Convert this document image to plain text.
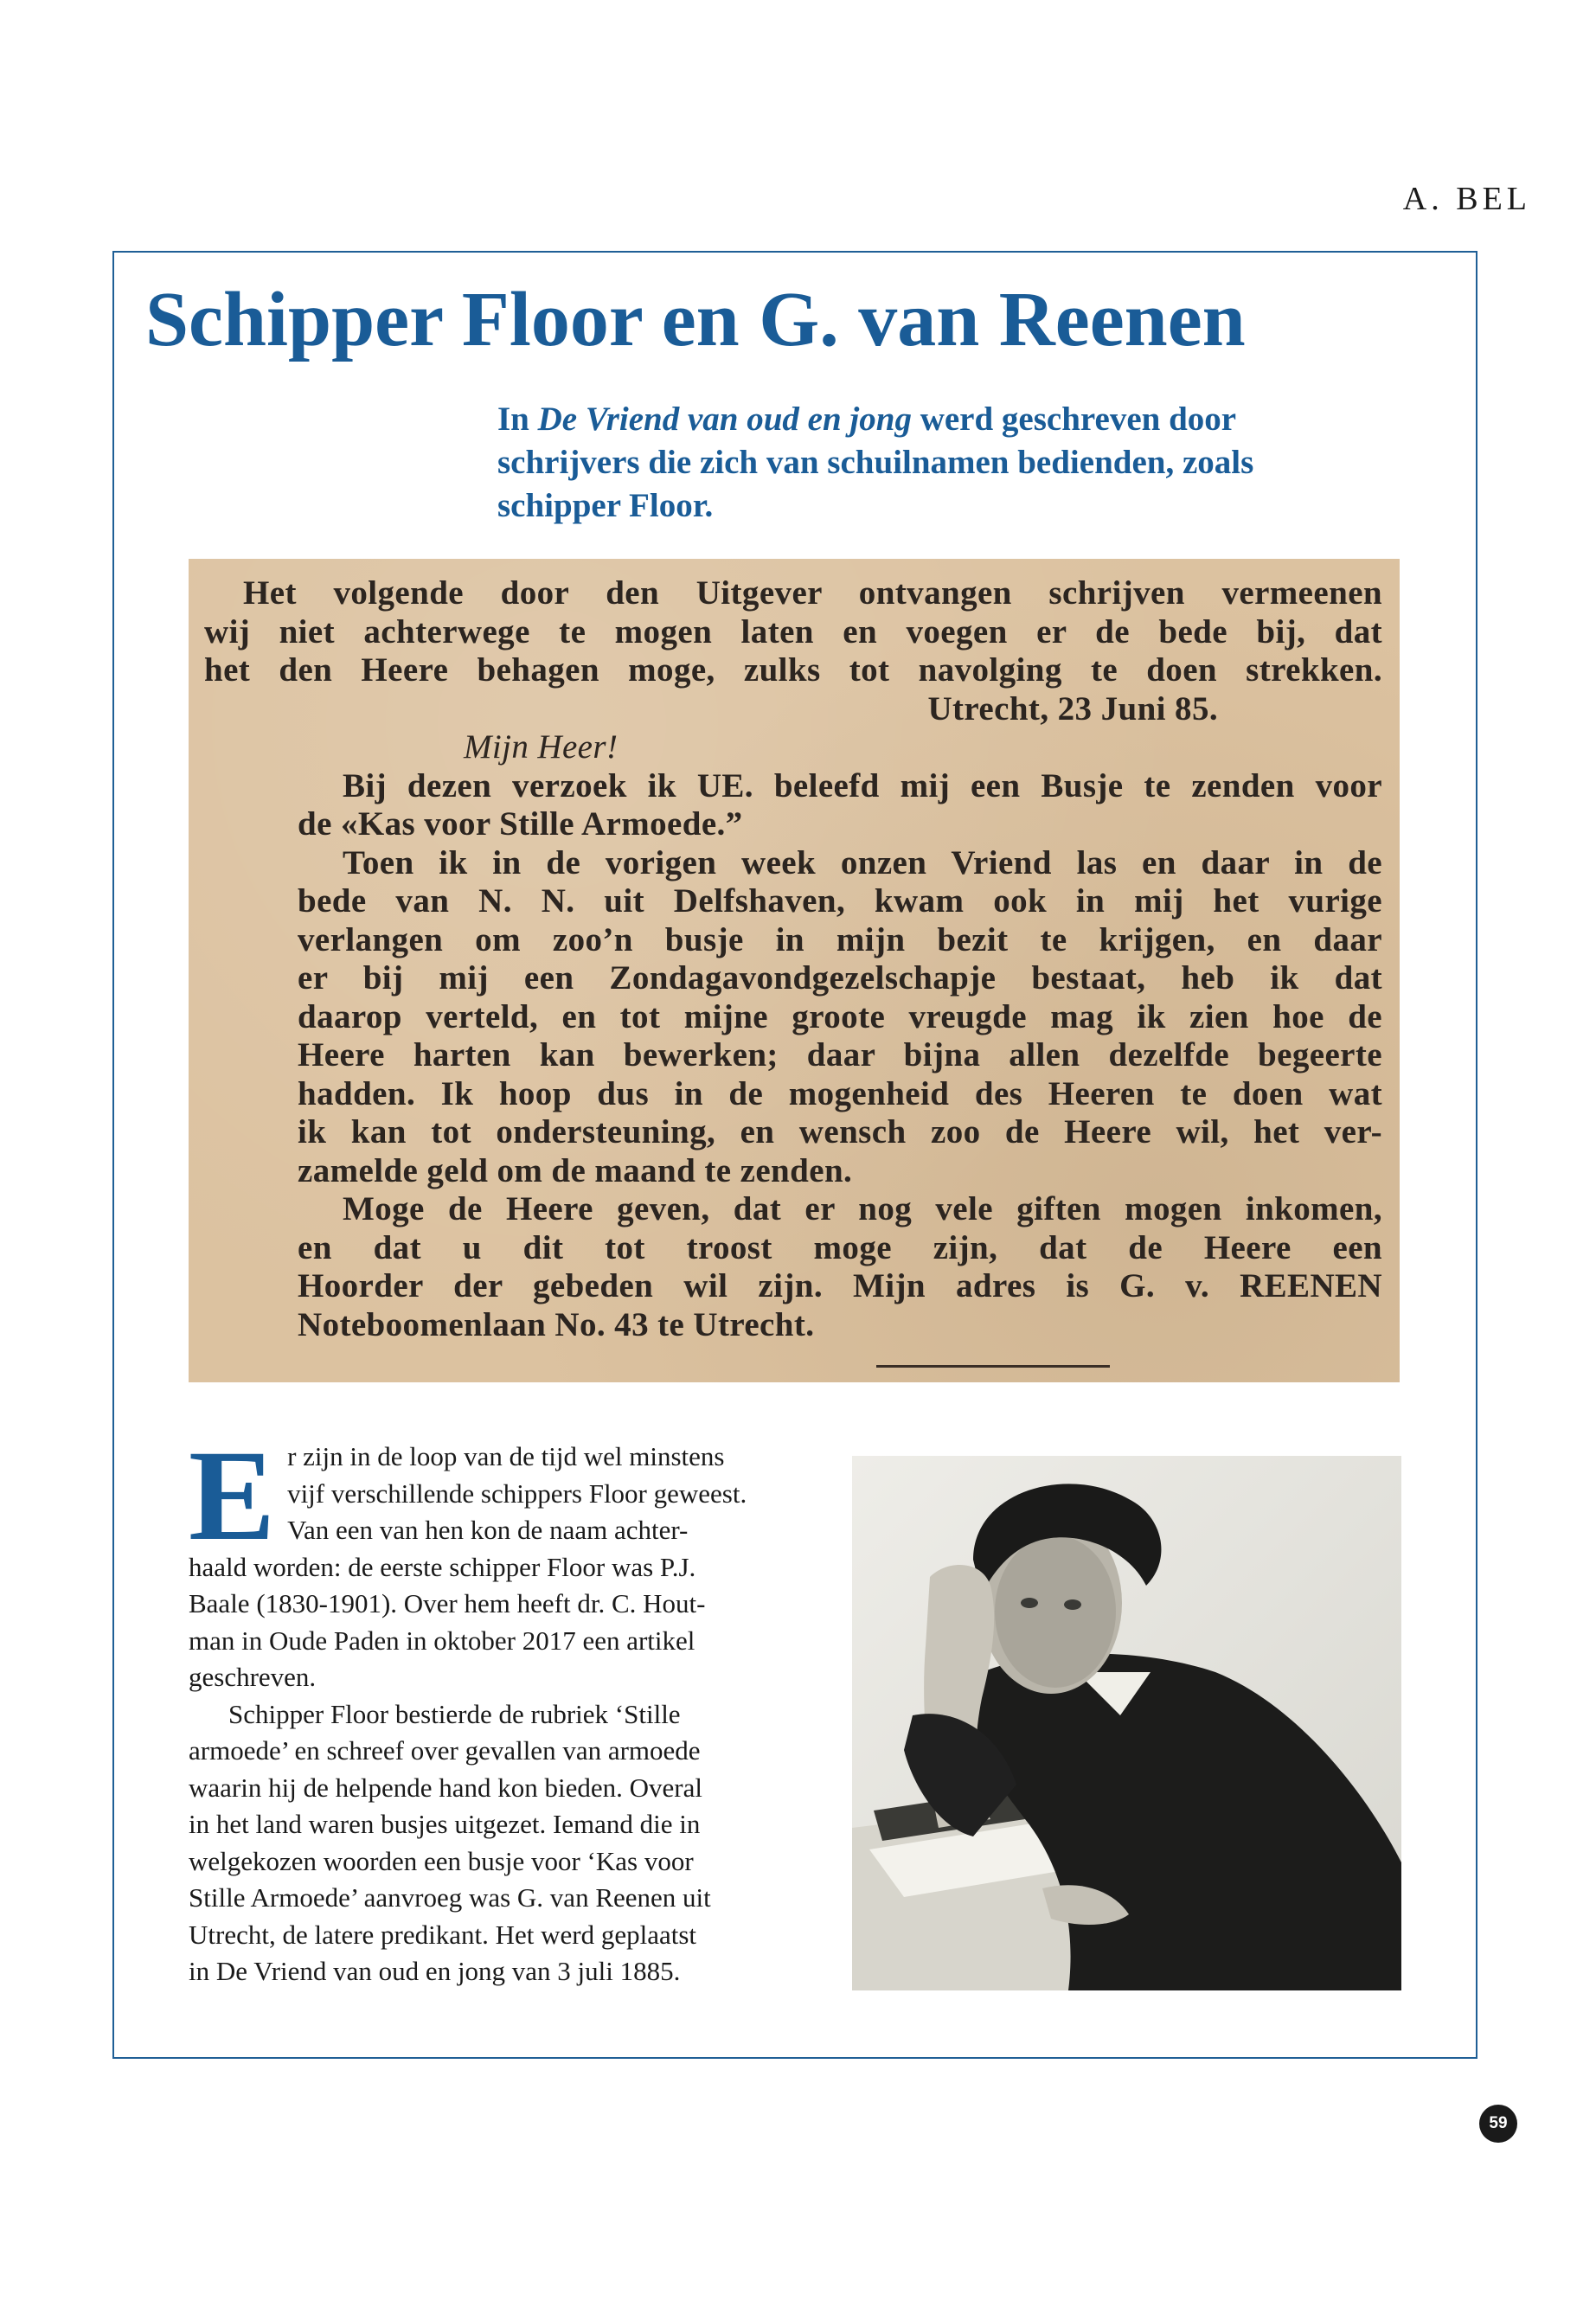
A. BEL
Schipper Floor en G. van Reenen
In De Vriend van oud en jong werd geschreven door
schrijvers die zich van schuilnamen bedienden, zoals
schipper Floor.
Het volgende door den Uitgever ontvangen schrijven vermeenen
wij niet achterwege te mogen laten en voegen er de bede bij, dat
het den Heere behagen moge, zulks tot navolging te doen strekken.
Utrecht, 23 Juni 85.
Mijn Heer!
Bij dezen verzoek ik UE. beleefd mij een Busje te zenden voor
de «Kas voor Stille Armoede.”
Toen ik in de vorigen week onzen Vriend las en daar in de
bede van N. N. uit Delfshaven, kwam ook in mij het vurige
verlangen om zoo’n busje in mijn bezit te krijgen, en daar
er bij mij een Zondagavondgezelschapje bestaat, heb ik dat
daarop verteld, en tot mijne groote vreugde mag ik zien hoe de
Heere harten kan bewerken; daar bijna allen dezelfde begeerte
hadden. Ik hoop dus in de mogenheid des Heeren te doen wat
ik kan tot ondersteuning, en wensch zoo de Heere wil, het ver-
zamelde geld om de maand te zenden.
Moge de Heere geven, dat er nog vele giften mogen inkomen,
en dat u dit tot troost moge zijn, dat de Heere een
Hoorder der gebeden wil zijn. Mijn adres is G. v. REENEN
Noteboomenlaan No. 43 te Utrecht.

E r zijn in de loop van de tijd wel minstens
vijf verschillende schippers Floor geweest.
Van een van hen kon de naam achter-
haald worden: de eerste schipper Floor was P.J.
Baale (1830-1901). Over hem heeft dr. C. Hout-
man in Oude Paden in oktober 2017 een artikel
geschreven.

Schipper Floor bestierde de rubriek ‘Stille
armoede’ en schreef over gevallen van armoede
waarin hij de helpende hand kon bieden. Overal
in het land waren busjes uitgezet. Iemand die in
welgekozen woorden een busje voor ‘Kas voor
Stille Armoede’ aanvroeg was G. van Reenen uit
Utrecht, de latere predikant. Het werd geplaatst
in De Vriend van oud en jong van 3 juli 1885.

59
